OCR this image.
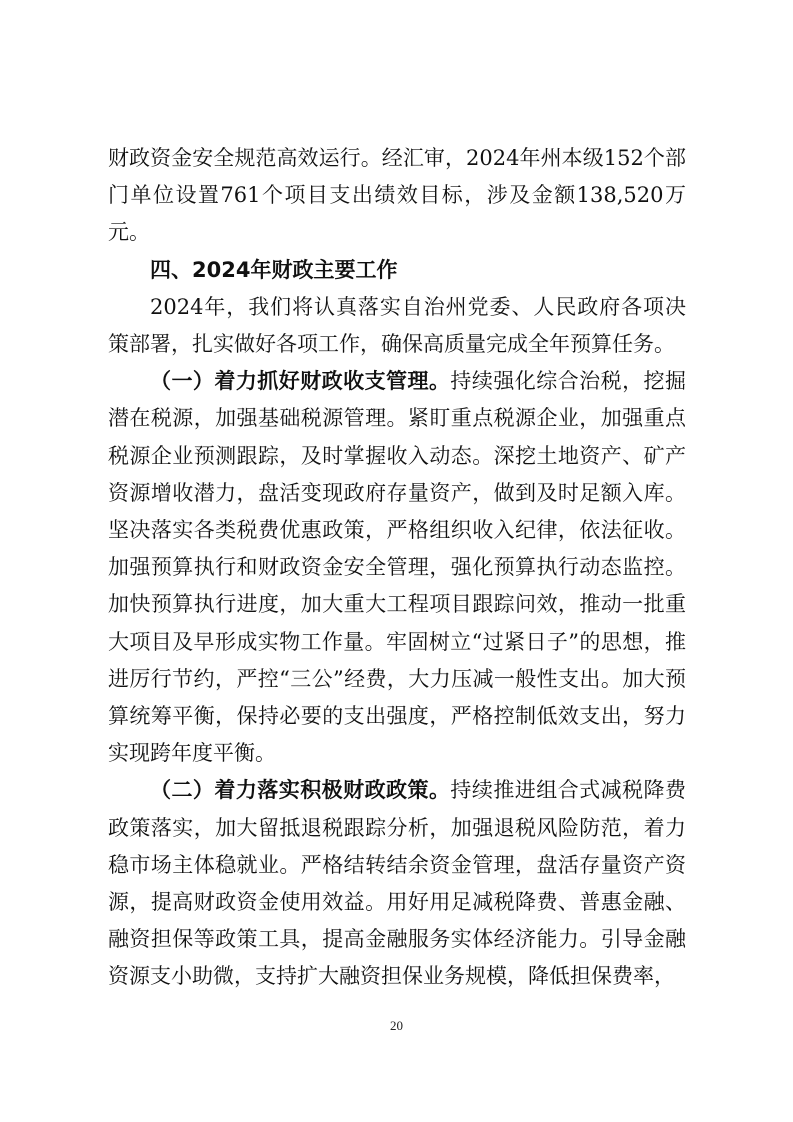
财政资金安全规范高效运行。经汇审，2024年州本级152个部门单位设置761个项目支出绩效目标，涉及金额138,520万元。

四、2024年财政主要工作

2024年，我们将认真落实自治州党委、人民政府各项决策部署，扎实做好各项工作，确保高质量完成全年预算任务。

（一）着力抓好财政收支管理。持续强化综合治税，挖掘潜在税源，加强基础税源管理。紧盯重点税源企业，加强重点税源企业预测跟踪，及时掌握收入动态。深挖土地资产、矿产资源增收潜力，盘活变现政府存量资产，做到及时足额入库。坚决落实各类税费优惠政策，严格组织收入纪律，依法征收。加强预算执行和财政资金安全管理，强化预算执行动态监控。加快预算执行进度，加大重大工程项目跟踪问效，推动一批重大项目及早形成实物工作量。牢固树立“过紧日子”的思想，推进厉行节约，严控“三公”经费，大力压减一般性支出。加大预算统筹平衡，保持必要的支出强度，严格控制低效支出，努力实现跨年度平衡。

（二）着力落实积极财政政策。持续推进组合式减税降费政策落实，加大留抵退税跟踪分析，加强退税风险防范，着力稳市场主体稳就业。严格结转结余资金管理，盘活存量资产资源，提高财政资金使用效益。用好用足减税降费、普惠金融、融资担保等政策工具，提高金融服务实体经济能力。引导金融资源支小助微，支持扩大融资担保业务规模，降低担保费率，

20
